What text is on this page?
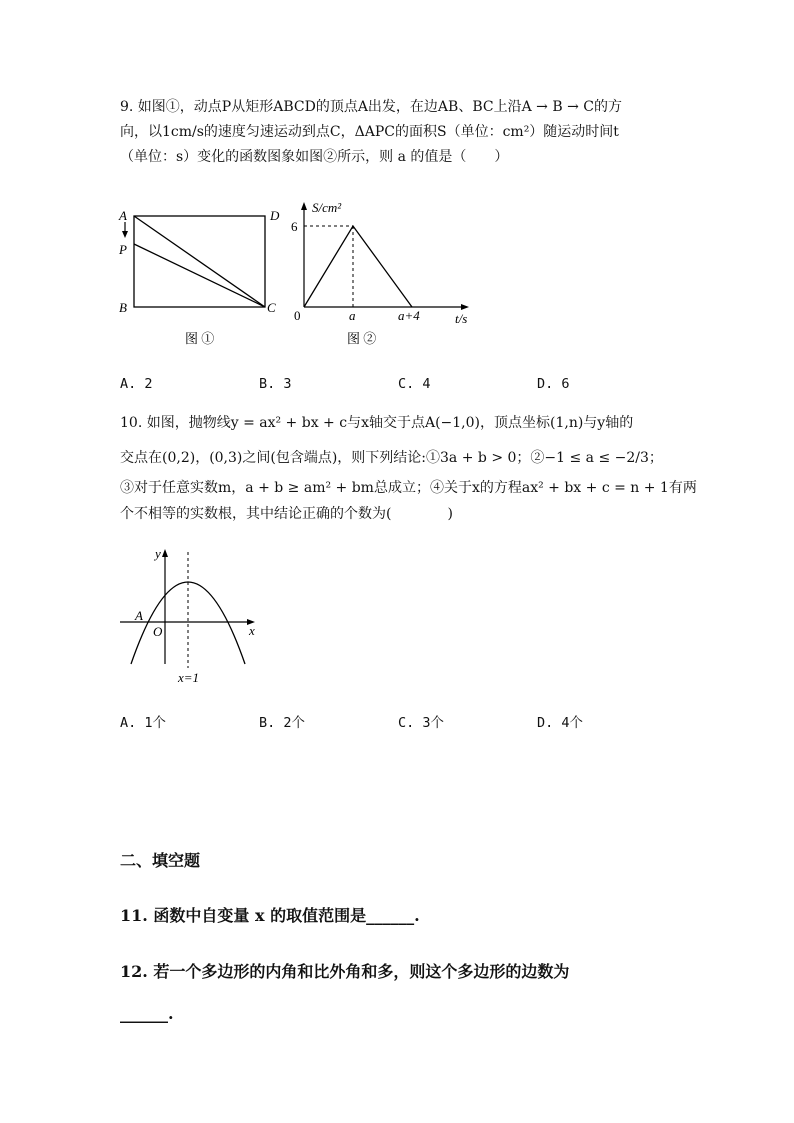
9. 如图①，动点P从矩形ABCD的顶点A出发，在边AB、BC上沿A → B → C的方
向，以1cm/s的速度匀速运动到点C，ΔAPC的面积S（单位：cm²）随运动时间t
（单位：s）变化的函数图象如图②所示，则 a 的值是（　　）
A
P
B	C
D
图 ①
S/cm²
6
0	a	a+4	t/s
图 ②
A. 2	B. 3	C. 4	D. 6
10. 如图，抛物线y = ax² + bx + c与x轴交于点A(−1,0)，顶点坐标(1,n)与y轴的
交点在(0,2)，(0,3)之间(包含端点)，则下列结论:①3a + b > 0；②−1 ≤ a ≤ −2/3；
③对于任意实数m，a + b ≥ am² + bm总成立；④关于x的方程ax² + bx + c = n + 1有两
个不相等的实数根，其中结论正确的个数为(　　　　)
y
x
O
A
x=1
A. 1个	B. 2个	C. 3个	D. 4个
二、填空题
11. 函数中自变量 x 的取值范围是______.
12. 若一个多边形的内角和比外角和多，则这个多边形的边数为
______.
